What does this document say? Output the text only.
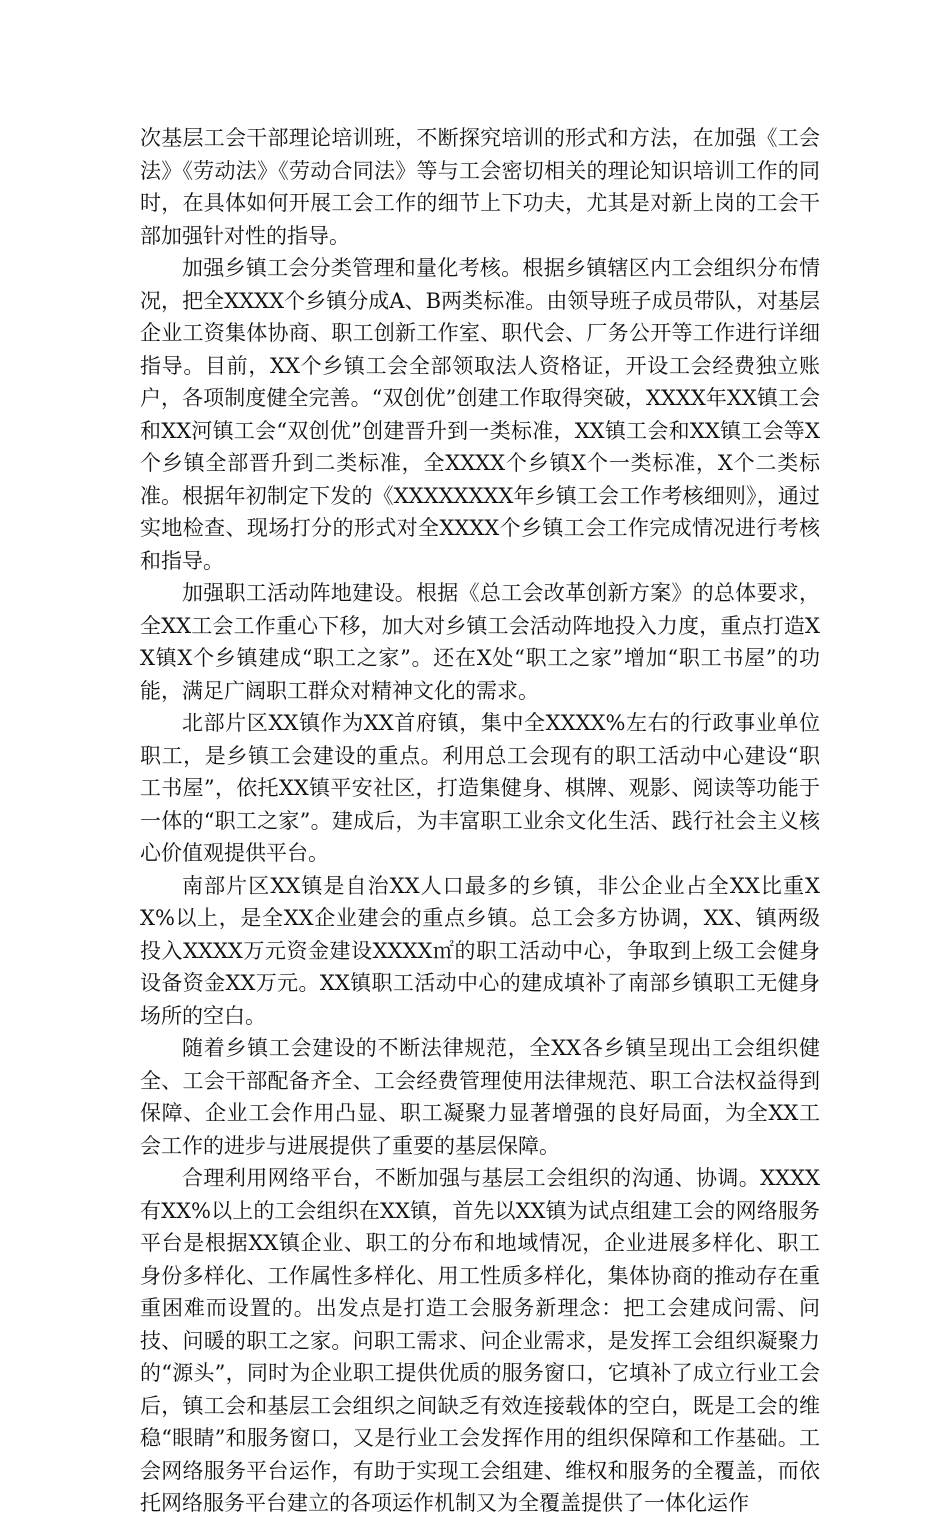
次基层工会干部理论培训班，不断探究培训的形式和方法，在加强《工会法》《劳动法》《劳动合同法》等与工会密切相关的理论知识培训工作的同时，在具体如何开展工会工作的细节上下功夫，尤其是对新上岗的工会干部加强针对性的指导。

加强乡镇工会分类管理和量化考核。根据乡镇辖区内工会组织分布情况，把全XXXX个乡镇分成A、B两类标准。由领导班子成员带队，对基层企业工资集体协商、职工创新工作室、职代会、厂务公开等工作进行详细指导。目前，XX个乡镇工会全部领取法人资格证，开设工会经费独立账户，各项制度健全完善。“双创优”创建工作取得突破，XXXX年XX镇工会和XX河镇工会“双创优”创建晋升到一类标准，XX镇工会和XX镇工会等X个乡镇全部晋升到二类标准，全XXXX个乡镇X个一类标准，X个二类标准。根据年初制定下发的《XXXXXXXX年乡镇工会工作考核细则》，通过实地检查、现场打分的形式对全XXXX个乡镇工会工作完成情况进行考核和指导。

加强职工活动阵地建设。根据《总工会改革创新方案》的总体要求，全XX工会工作重心下移，加大对乡镇工会活动阵地投入力度，重点打造XX镇X个乡镇建成“职工之家”。还在X处“职工之家”增加“职工书屋”的功能，满足广阔职工群众对精神文化的需求。

北部片区XX镇作为XX首府镇，集中全XXXX%左右的行政事业单位职工，是乡镇工会建设的重点。利用总工会现有的职工活动中心建设“职工书屋”，依托XX镇平安社区，打造集健身、棋牌、观影、阅读等功能于一体的“职工之家”。建成后，为丰富职工业余文化生活、践行社会主义核心价值观提供平台。

南部片区XX镇是自治XX人口最多的乡镇，非公企业占全XX比重XX%以上，是全XX企业建会的重点乡镇。总工会多方协调，XX、镇两级投入XXXX万元资金建设XXXX㎡的职工活动中心，争取到上级工会健身设备资金XX万元。XX镇职工活动中心的建成填补了南部乡镇职工无健身场所的空白。

随着乡镇工会建设的不断法律规范，全XX各乡镇呈现出工会组织健全、工会干部配备齐全、工会经费管理使用法律规范、职工合法权益得到保障、企业工会作用凸显、职工凝聚力显著增强的良好局面，为全XX工会工作的进步与进展提供了重要的基层保障。

合理利用网络平台，不断加强与基层工会组织的沟通、协调。XXXX有XX%以上的工会组织在XX镇，首先以XX镇为试点组建工会的网络服务平台是根据XX镇企业、职工的分布和地域情况，企业进展多样化、职工身份多样化、工作属性多样化、用工性质多样化，集体协商的推动存在重重困难而设置的。出发点是打造工会服务新理念：把工会建成问需、问技、问暖的职工之家。问职工需求、问企业需求，是发挥工会组织凝聚力的“源头”，同时为企业职工提供优质的服务窗口，它填补了成立行业工会后，镇工会和基层工会组织之间缺乏有效连接载体的空白，既是工会的维稳“眼睛”和服务窗口，又是行业工会发挥作用的组织保障和工作基础。工会网络服务平台运作，有助于实现工会组建、维权和服务的全覆盖，而依托网络服务平台建立的各项运作机制又为全覆盖提供了一体化运作
